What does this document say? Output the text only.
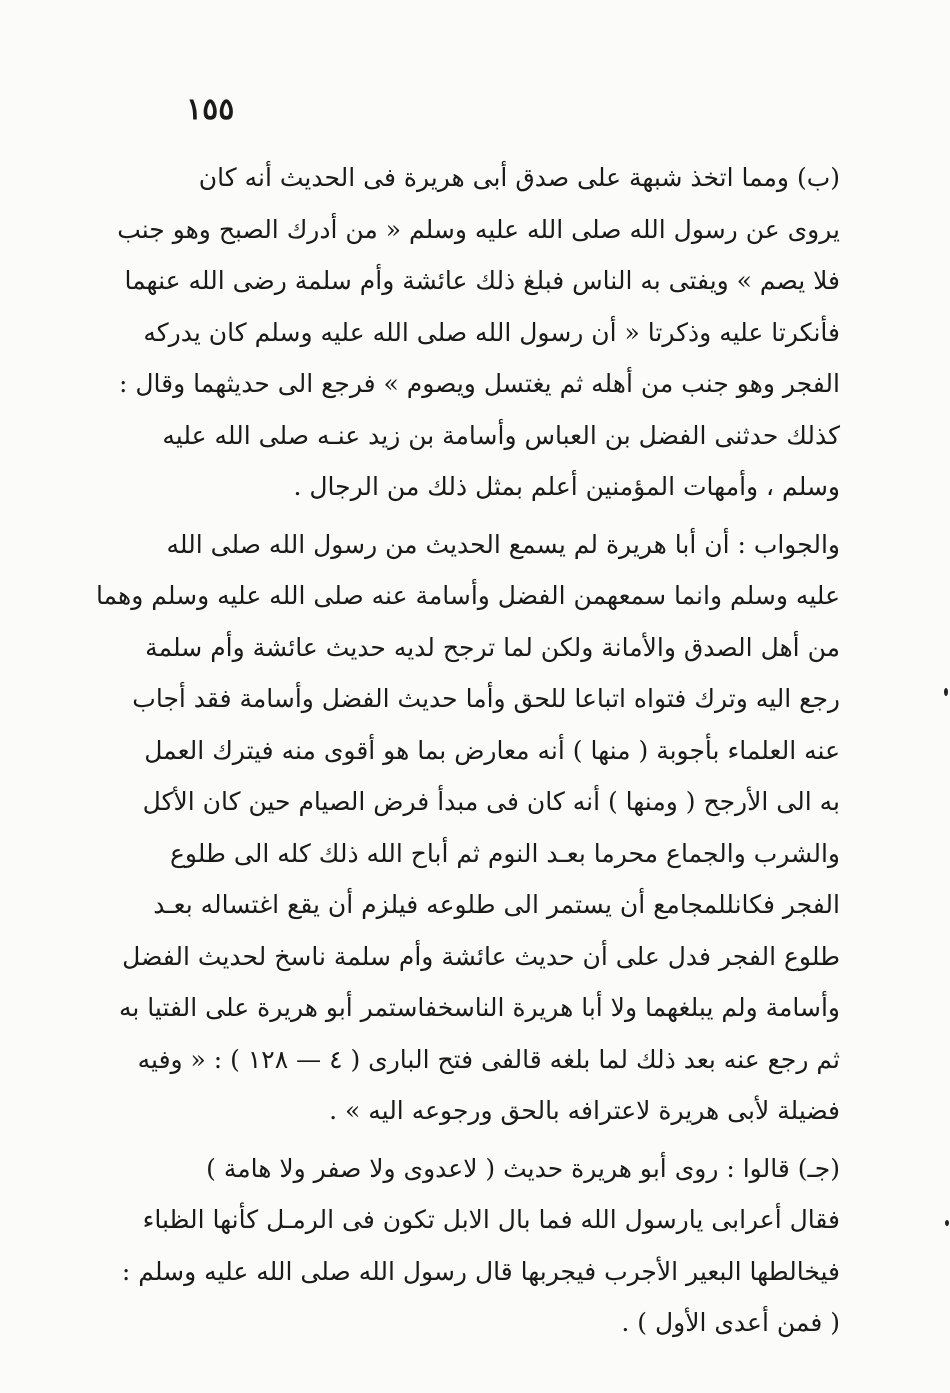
١٥٥
(ب) ومما اتخذ شبهة على صدق أبى هريرة فى الحديث أنه كان
يروى عن رسول الله صلى الله عليه وسلم « من أدرك الصبح وهو جنب
فلا يصم » ويفتى به الناس فبلغ ذلك عائشة وأم سلمة رضى الله عنهما
فأنكرتا عليه وذكرتا « أن رسول الله صلى الله عليه وسلم كان يدركه
الفجر وهو جنب من أهله ثم يغتسل ويصوم » فرجع الى حديثهما وقال :
كذلك حدثنى الفضل بن العباس وأسامة بن زيد عنـه صلى الله عليه
وسلم ، وأمهات المؤمنين أعلم بمثل ذلك من الرجال .
والجواب : أن أبا هريرة لم يسمع الحديث من رسول الله صلى الله
عليه وسلم وانما سمعهمن الفضل وأسامة عنه صلى الله عليه وسلم وهما
من أهل الصدق والأمانة ولكن لما ترجح لديه حديث عائشة وأم سلمة
رجع اليه وترك فتواه اتباعا للحق وأما حديث الفضل وأسامة فقد أجاب
عنه العلماء بأجوبة ( منها ) أنه معارض بما هو أقوى منه فيترك العمل
به الى الأرجح ( ومنها ) أنه كان فى مبدأ فرض الصيام حين كان الأكل
والشرب والجماع محرما بعـد النوم ثم أباح الله ذلك كله الى طلوع
الفجر فكانللمجامع أن يستمر الى طلوعه فيلزم أن يقع اغتساله بعـد
طلوع الفجر فدل على أن حديث عائشة وأم سلمة ناسخ لحديث الفضل
وأسامة ولم يبلغهما ولا أبا هريرة الناسخفاستمر أبو هريرة على الفتيا به
ثم رجع عنه بعد ذلك لما بلغه قالفى فتح البارى ( ٤ — ١٢٨ ) : « وفيه
فضيلة لأبى هريرة لاعترافه بالحق ورجوعه اليه » .
(جـ) قالوا : روى أبو هريرة حديث ( لاعدوى ولا صفر ولا هامة )
فقال أعرابى يارسول الله فما بال الابل تكون فى الرمـل كأنها الظباء
فيخالطها البعير الأجرب فيجربها قال رسول الله صلى الله عليه وسلم :
( فمن أعدى الأول ) .
